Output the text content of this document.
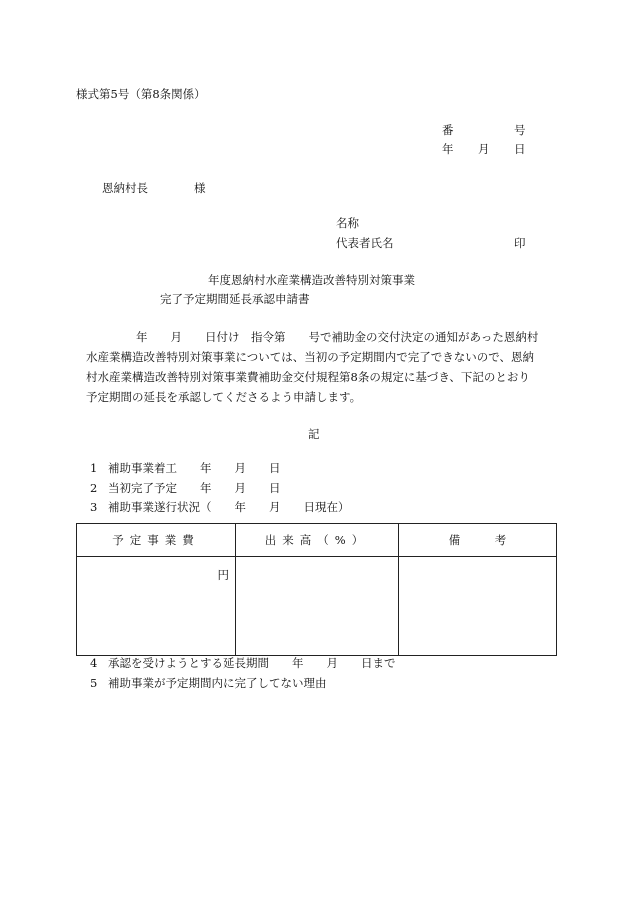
様式第5号（第8条関係）
番	号
年 月 日
恩納村長	様
名称
代表者氏名	印
年度恩納村水産業構造改善特別対策事業
完了予定期間延長承認申請書
年　　月　　日付け　指令第　　号で補助金の交付決定の通知があった恩納村
水産業構造改善特別対策事業については、当初の予定期間内で完了できないので、恩納
村水産業構造改善特別対策事業費補助金交付規程第8条の規定に基づき、下記のとおり
予定期間の延長を承認してくださるよう申請します。
記
1 補助事業着工　　年　　月　　日
2 当初完了予定　　年　　月　　日
3 補助事業遂行状況（　　年　　月　　日現在）
予定事業費	出来高（%）	備　　　考
円		
4 承認を受けようとする延長期間　　年　　月　　日まで
5 補助事業が予定期間内に完了してない理由
